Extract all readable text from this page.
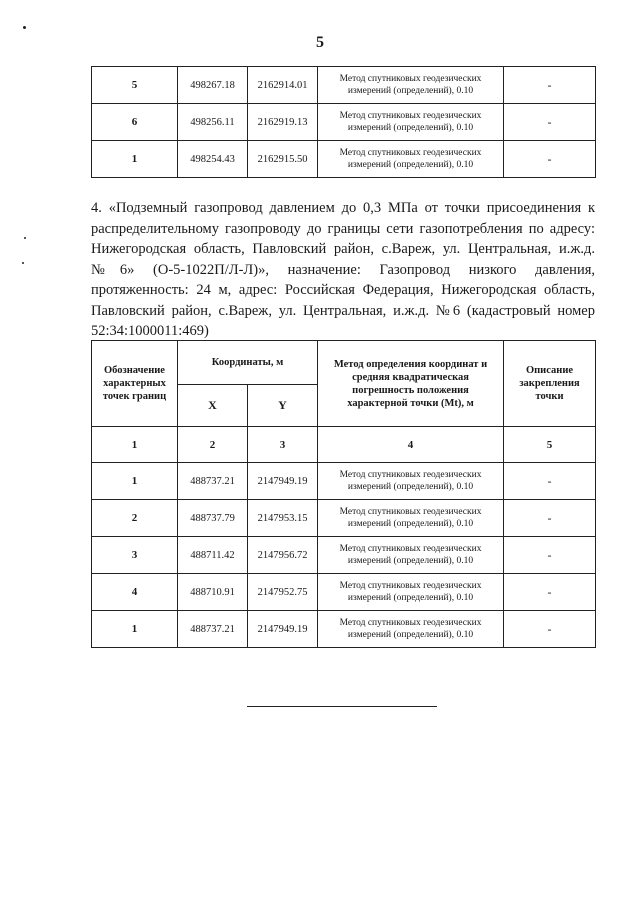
5
5	498267.18	2162914.01	Метод спутниковых геодезических измерений (определений), 0.10	-
6	498256.11	2162919.13	Метод спутниковых геодезических измерений (определений), 0.10	-
1	498254.43	2162915.50	Метод спутниковых геодезических измерений (определений), 0.10	-

4. «Подземный газопровод давлением до 0,3 МПа от точки присоединения к распределительному газопроводу до границы сети газопотребления по адресу: Нижегородская область, Павловский район, с.Вареж, ул. Центральная, и.ж.д. №6» (О-5-1022П/Л-Л)», назначение: Газопровод низкого давления, протяженность: 24 м, адрес: Российская Федерация, Нижегородская область, Павловский район, с.Вареж, ул. Центральная, и.ж.д. №6 (кадастровый номер 52:34:1000011:469)

Обозначение характерных точек границ	Координаты, м		Метод определения координат и средняя квадратическая погрешность положения характерной точки (Mt), м	Описание закрепления точки
	X	Y		
1	2	3	4	5
1	488737.21	2147949.19	Метод спутниковых геодезических измерений (определений), 0.10	-
2	488737.79	2147953.15	Метод спутниковых геодезических измерений (определений), 0.10	-
3	488711.42	2147956.72	Метод спутниковых геодезических измерений (определений), 0.10	-
4	488710.91	2147952.75	Метод спутниковых геодезических измерений (определений), 0.10	-
1	488737.21	2147949.19	Метод спутниковых геодезических измерений (определений), 0.10	-
